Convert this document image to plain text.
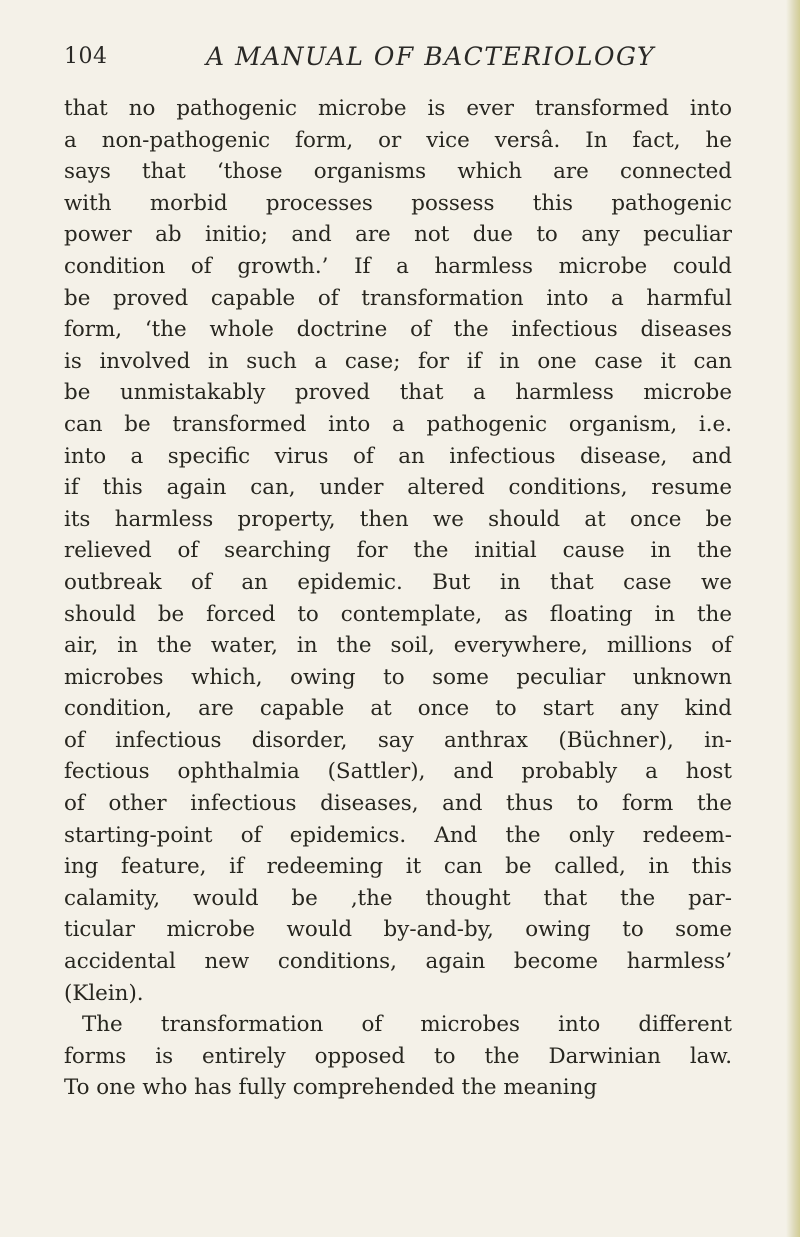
104	A MANUAL OF BACTERIOLOGY
that no pathogenic microbe is ever transformed into
a non-pathogenic form, or vice versâ. In fact, he
says that ‘those organisms which are connected
with morbid processes possess this pathogenic
power ab initio; and are not due to any peculiar
condition of growth.’ If a harmless microbe could
be proved capable of transformation into a harmful
form, ‘the whole doctrine of the infectious diseases
is involved in such a case; for if in one case it can
be unmistakably proved that a harmless microbe
can be transformed into a pathogenic organism, i.e.
into a specific virus of an infectious disease, and
if this again can, under altered conditions, resume
its harmless property, then we should at once be
relieved of searching for the initial cause in the
outbreak of an epidemic. But in that case we
should be forced to contemplate, as floating in the
air, in the water, in the soil, everywhere, millions of
microbes which, owing to some peculiar unknown
condition, are capable at once to start any kind
of infectious disorder, say anthrax (Büchner), in-
fectious ophthalmia (Sattler), and probably a host
of other infectious diseases, and thus to form the
starting-point of epidemics. And the only redeem-
ing feature, if redeeming it can be called, in this
calamity, would be ‚the thought that the par-
ticular microbe would by-and-by, owing to some
accidental new conditions, again become harmless’
(Klein).
The transformation of microbes into different
forms is entirely opposed to the Darwinian law.
To one who has fully comprehended the meaning
